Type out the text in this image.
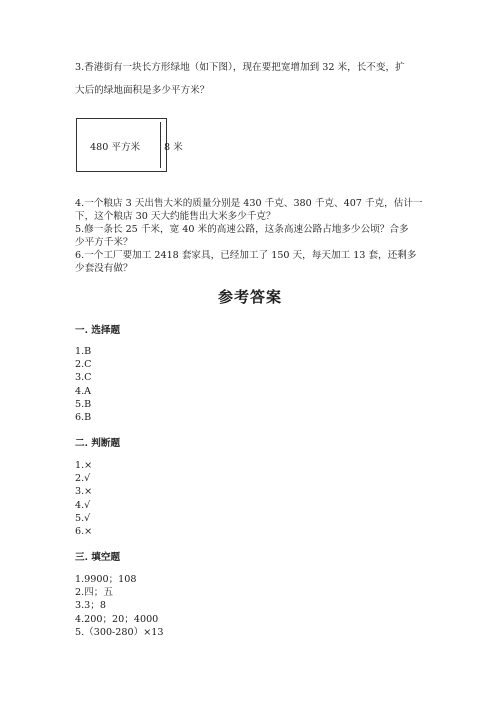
3.香港街有一块长方形绿地（如下图），现在要把宽增加到 32 米，长不变，扩
大后的绿地面积是多少平方米？
480 平方米 8 米
4.一个粮店 3 天出售大米的质量分别是 430 千克、380 千克、407 千克，估计一
下，这个粮店 30 天大约能售出大米多少千克？
5.修一条长 25 千米，宽 40 米的高速公路，这条高速公路占地多少公顷？合多
少平方千米？
6.一个工厂要加工 2418 套家具，已经加工了 150 天，每天加工 13 套，还剩多
少套没有做？
参考答案
一. 选择题
1.B
2.C
3.C
4.A
5.B
6.B
二. 判断题
1.×
2.√
3.×
4.√
5.√
6.×
三. 填空题
1.9900；108
2.四；五
3.3；8
4.200；20；4000
5.（300-280）×13
